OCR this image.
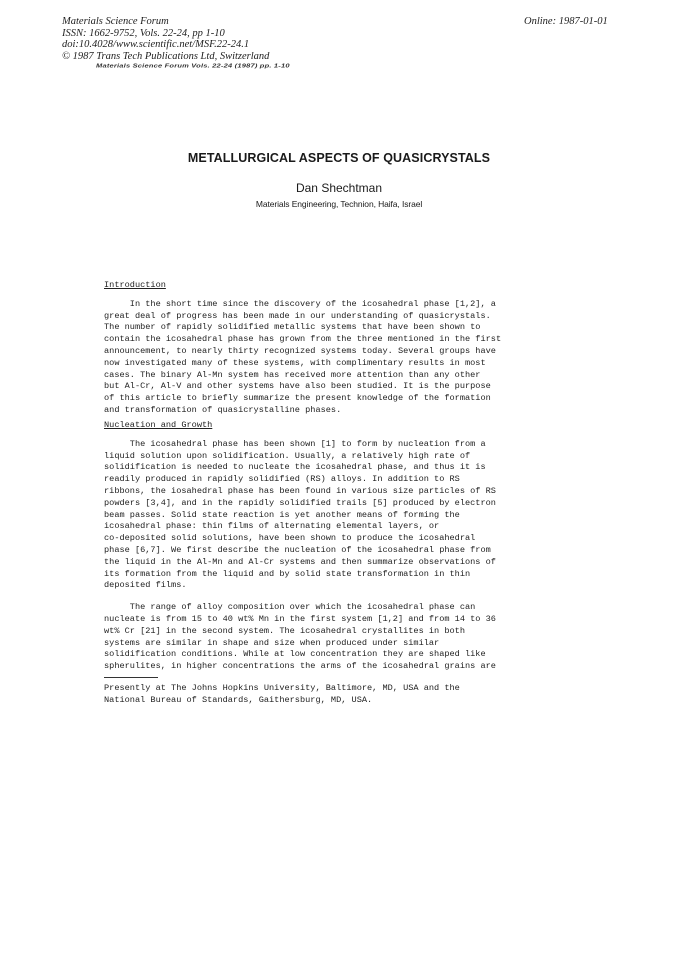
Materials Science Forum
ISSN: 1662-9752, Vols. 22-24, pp 1-10
doi:10.4028/www.scientific.net/MSF.22-24.1
© 1987 Trans Tech Publications Ltd, Switzerland
Online: 1987-01-01
Materials Science Forum Vols. 22-24 (1987) pp. 1-10
METALLURGICAL ASPECTS OF QUASICRYSTALS
Dan Shechtman
Materials Engineering, Technion, Haifa, Israel
Introduction
In the short time since the discovery of the icosahedral phase [1,2], a
great deal of progress has been made in our understanding of quasicrystals.
The number of rapidly solidified metallic systems that have been shown to
contain the icosahedral phase has grown from the three mentioned in the first
announcement, to nearly thirty recognized systems today. Several groups have
now investigated many of these systems, with complimentary results in most
cases. The binary Al-Mn system has received more attention than any other
but Al-Cr, Al-V and other systems have also been studied. It is the purpose
of this article to briefly summarize the present knowledge of the formation
and transformation of quasicrystalline phases.
Nucleation and Growth
The icosahedral phase has been shown [1] to form by nucleation from a
liquid solution upon solidification. Usually, a relatively high rate of
solidification is needed to nucleate the icosahedral phase, and thus it is
readily produced in rapidly solidified (RS) alloys. In addition to RS
ribbons, the iosahedral phase has been found in various size particles of RS
powders [3,4], and in the rapidly solidified trails [5] produced by electron
beam passes. Solid state reaction is yet another means of forming the
icosahedral phase: thin films of alternating elemental layers, or
co-deposited solid solutions, have been shown to produce the icosahedral
phase [6,7]. We first describe the nucleation of the icosahedral phase from
the liquid in the Al-Mn and Al-Cr systems and then summarize observations of
its formation from the liquid and by solid state transformation in thin
deposited films.
The range of alloy composition over which the icosahedral phase can
nucleate is from 15 to 40 wt% Mn in the first system [1,2] and from 14 to 36
wt% Cr [21] in the second system. The icosahedral crystallites in both
systems are similar in shape and size when produced under similar
solidification conditions. While at low concentration they are shaped like
spherulites, in higher concentrations the arms of the icosahedral grains are
Presently at The Johns Hopkins University, Baltimore, MD, USA and the
National Bureau of Standards, Gaithersburg, MD, USA.
